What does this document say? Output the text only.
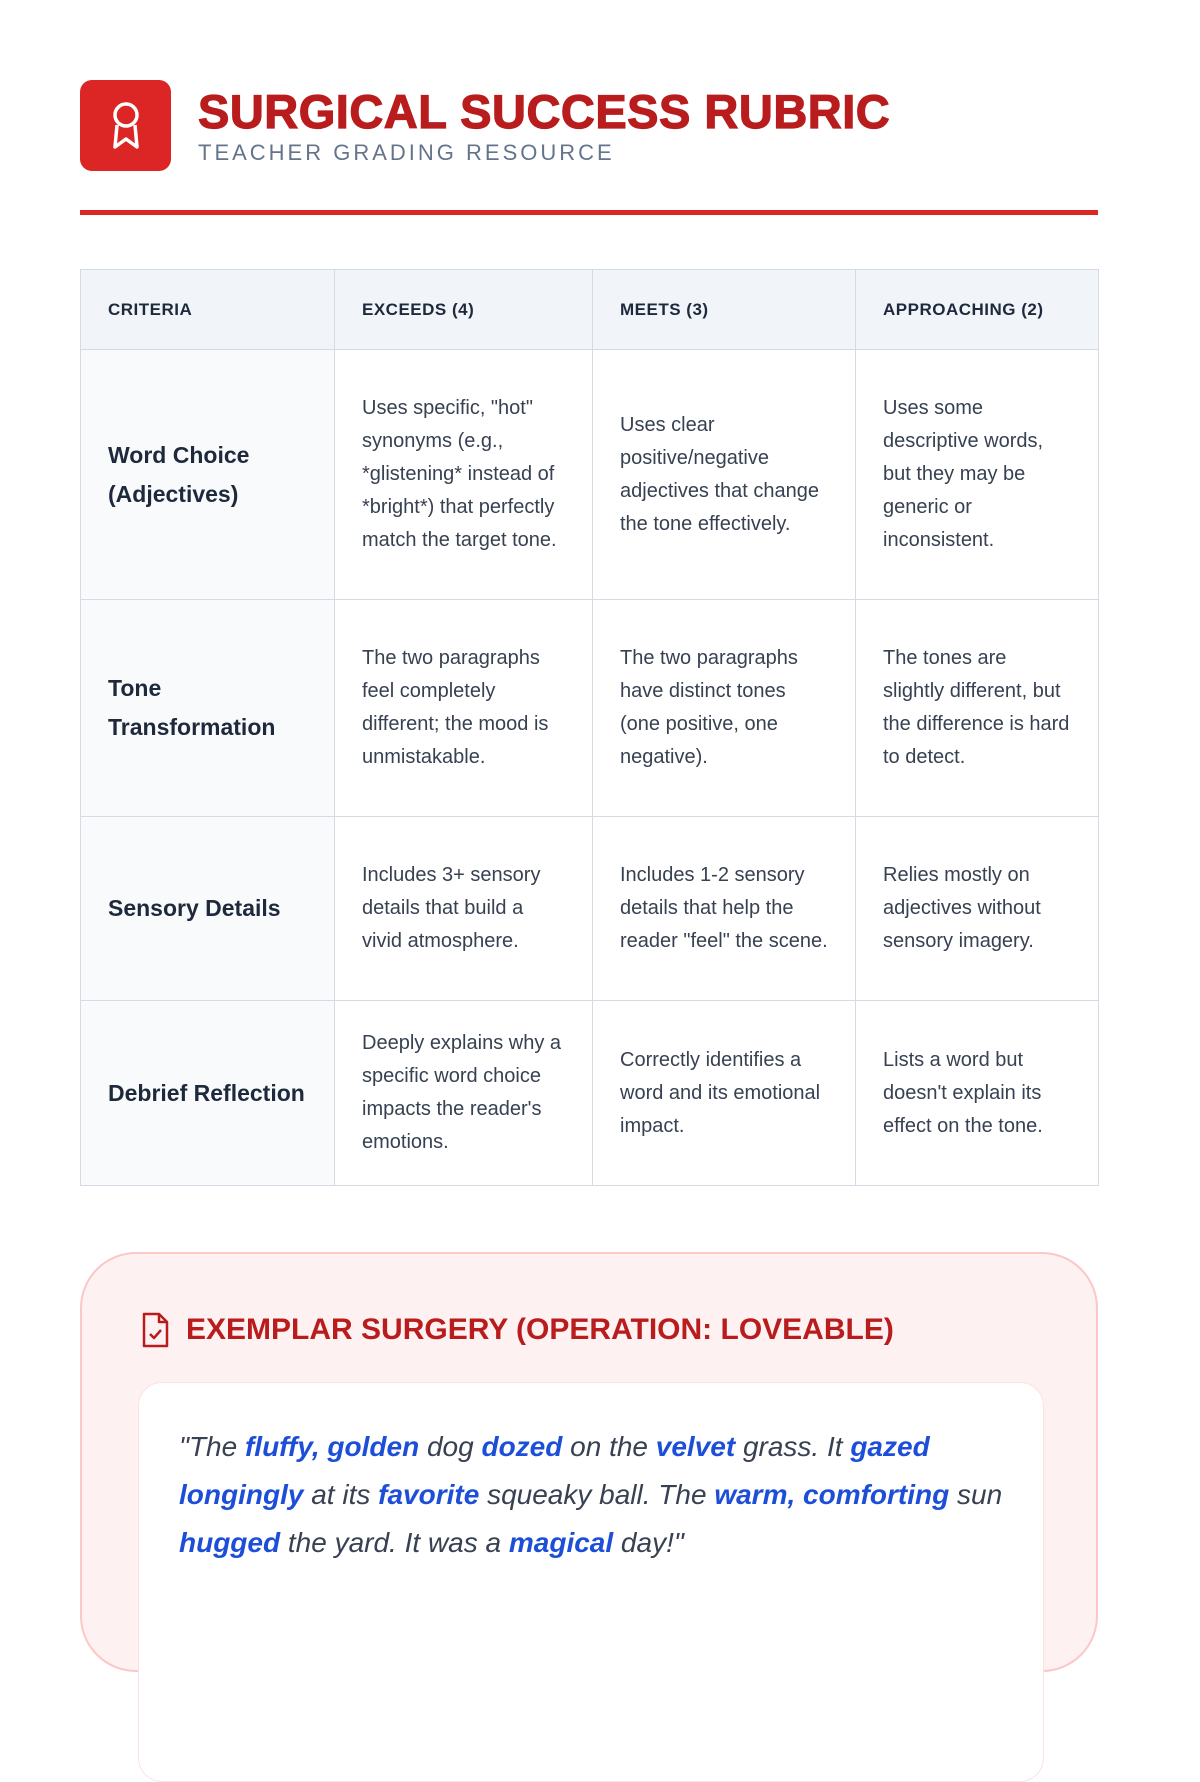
SURGICAL SUCCESS RUBRIC
TEACHER GRADING RESOURCE
CRITERIA	EXCEEDS (4)	MEETS (3)	APPROACHING (2)
Word Choice (Adjectives)	Uses specific, "hot" synonyms (e.g., *glistening* instead of *bright*) that perfectly match the target tone.	Uses clear positive/negative adjectives that change the tone effectively.	Uses some descriptive words, but they may be generic or inconsistent.
Tone Transformation	The two paragraphs feel completely different; the mood is unmistakable.	The two paragraphs have distinct tones (one positive, one negative).	The tones are slightly different, but the difference is hard to detect.
Sensory Details	Includes 3+ sensory details that build a vivid atmosphere.	Includes 1-2 sensory details that help the reader "feel" the scene.	Relies mostly on adjectives without sensory imagery.
Debrief Reflection	Deeply explains why a specific word choice impacts the reader's emotions.	Correctly identifies a word and its emotional impact.	Lists a word but doesn't explain its effect on the tone.
EXEMPLAR SURGERY (OPERATION: LOVEABLE)

"The fluffy, golden dog dozed on the velvet grass. It gazed longingly at its favorite squeaky ball. The warm, comforting sun hugged the yard. It was a magical day!"
